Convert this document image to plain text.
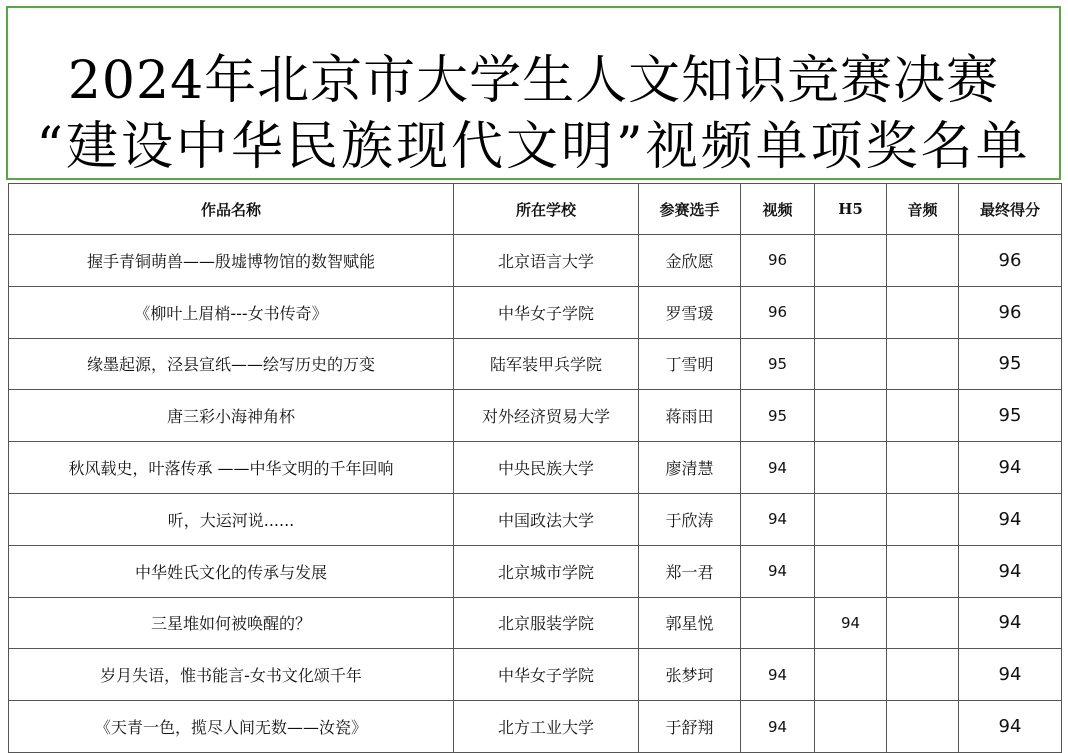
2024年北京市大学生人文知识竞赛决赛
“建设中华民族现代文明”视频单项奖名单
作品名称	所在学校	参赛选手	视频	H5	音频	最终得分
握手青铜萌兽——殷墟博物馆的数智赋能	北京语言大学	金欣愿	96			96
《柳叶上眉梢---女书传奇》	中华女子学院	罗雪瑗	96			96
缘墨起源，泾县宣纸——绘写历史的万变	陆军装甲兵学院	丁雪明	95			95
唐三彩小海神角杯	对外经济贸易大学	蒋雨田	95			95
秋风载史，叶落传承 ——中华文明的千年回响	中央民族大学	廖清慧	94			94
听，大运河说......	中国政法大学	于欣涛	94			94
中华姓氏文化的传承与发展	北京城市学院	郑一君	94			94
三星堆如何被唤醒的？	北京服装学院	郭星悦		94		94
岁月失语，惟书能言-女书文化颂千年	中华女子学院	张梦珂	94			94
《天青一色，揽尽人间无数——汝瓷》	北方工业大学	于舒翔	94			94
